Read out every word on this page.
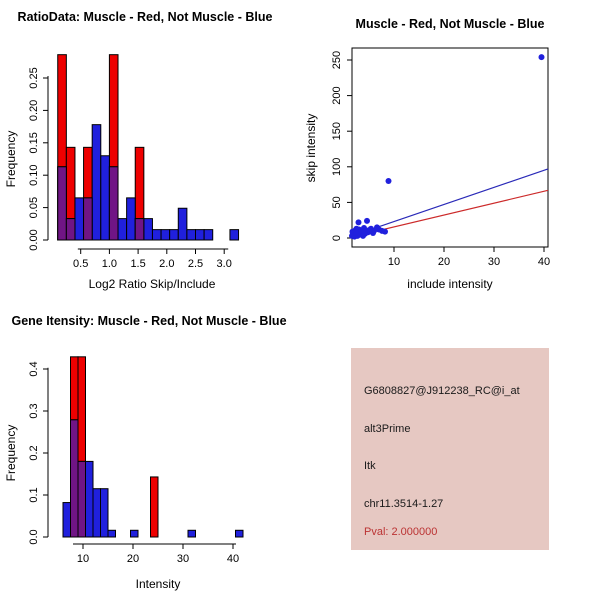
RatioData: Muscle - Red, Not Muscle - Blue
0.00
0.05
0.10
0.15
0.20
0.25
Frequency
0.5 1.0 1.5 2.0 2.5 3.0
Log2 Ratio Skip/Include
Muscle - Red, Not Muscle - Blue
10	20	30	40
include intensity
0
50
100
150
200
250
skip intensity
Gene Itensity: Muscle - Red, Not Muscle - Blue
0.0
0.1
0.2
0.3
0.4
Frequency
10	20	30	40
Intensity
G6808827@J912238_RC@i_at
alt3Prime
Itk
chr11.3514-1.27
Pval: 2.000000
